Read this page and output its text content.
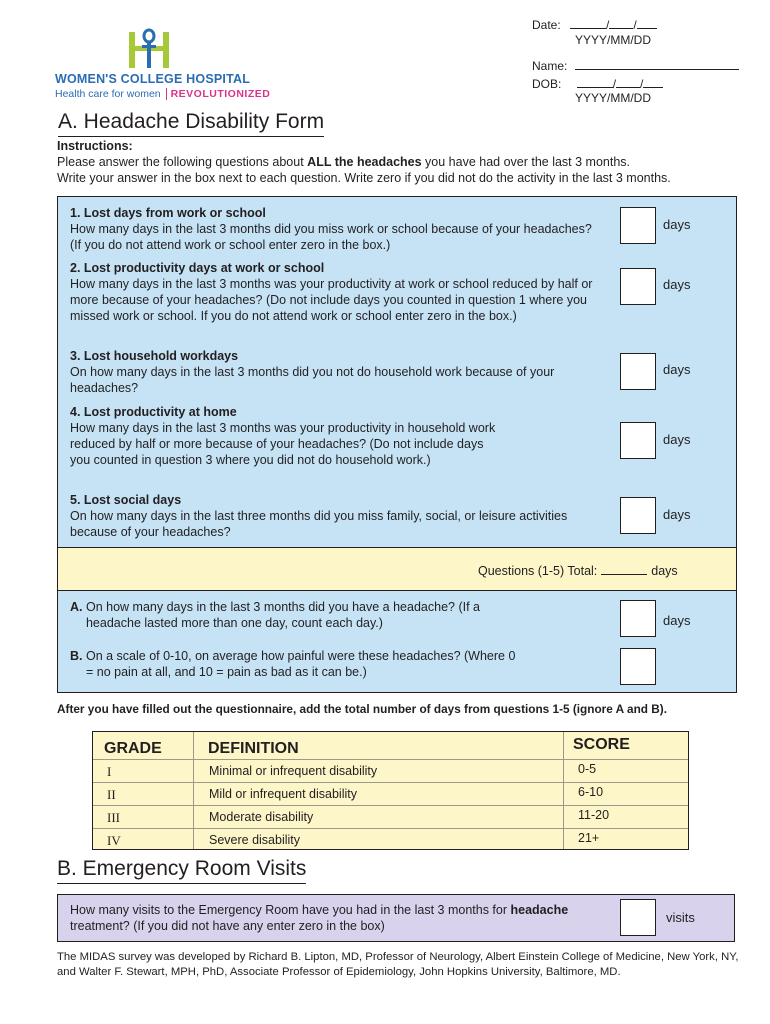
WOMEN'S COLLEGE HOSPITAL
Health care for women REVOLUTIONIZED
Date:	/ /
YYYY/MM/DD
Name:
DOB:	/ /
YYYY/MM/DD
A. Headache Disability Form
Instructions:
Please answer the following questions about ALL the headaches you have had over the last 3 months.
Write your answer in the box next to each question. Write zero if you did not do the activity in the last 3 months.
1. Lost days from work or school
How many days in the last 3 months did you miss work or school because of your headaches? (If you do not attend work or school enter zero in the box.)
days
2. Lost productivity days at work or school
How many days in the last 3 months was your productivity at work or school reduced by half or more because of your headaches? (Do not include days you counted in question 1 where you missed work or school. If you do not attend work or school enter zero in the box.)
days
3. Lost household workdays
On how many days in the last 3 months did you not do household work because of your headaches?
days
4. Lost productivity at home
How many days in the last 3 months was your productivity in household work reduced by half or more because of your headaches? (Do not include days you counted in question 3 where you did not do household work.)
days
5. Lost social days
On how many days in the last three months did you miss family, social, or leisure activities because of your headaches?
days
Questions (1-5) Total:	days
A. On how many days in the last 3 months did you have a headache? (If a headache lasted more than one day, count each day.)	days
B. On a scale of 0-10, on average how painful were these headaches? (Where 0 = no pain at all, and 10 = pain as bad as it can be.)
After you have filled out the questionnaire, add the total number of days from questions 1-5 (ignore A and B).
GRADE	DEFINITION	SCORE
I	Minimal or infrequent disability	0-5
II	Mild or infrequent disability	6-10
III	Moderate disability	11-20
IV	Severe disability	21+
B. Emergency Room Visits
How many visits to the Emergency Room have you had in the last 3 months for headache treatment? (If you did not have any enter zero in the box)
visits
The MIDAS survey was developed by Richard B. Lipton, MD, Professor of Neurology, Albert Einstein College of Medicine, New York, NY, and Walter F. Stewart, MPH, PhD, Associate Professor of Epidemiology, John Hopkins University, Baltimore, MD.
